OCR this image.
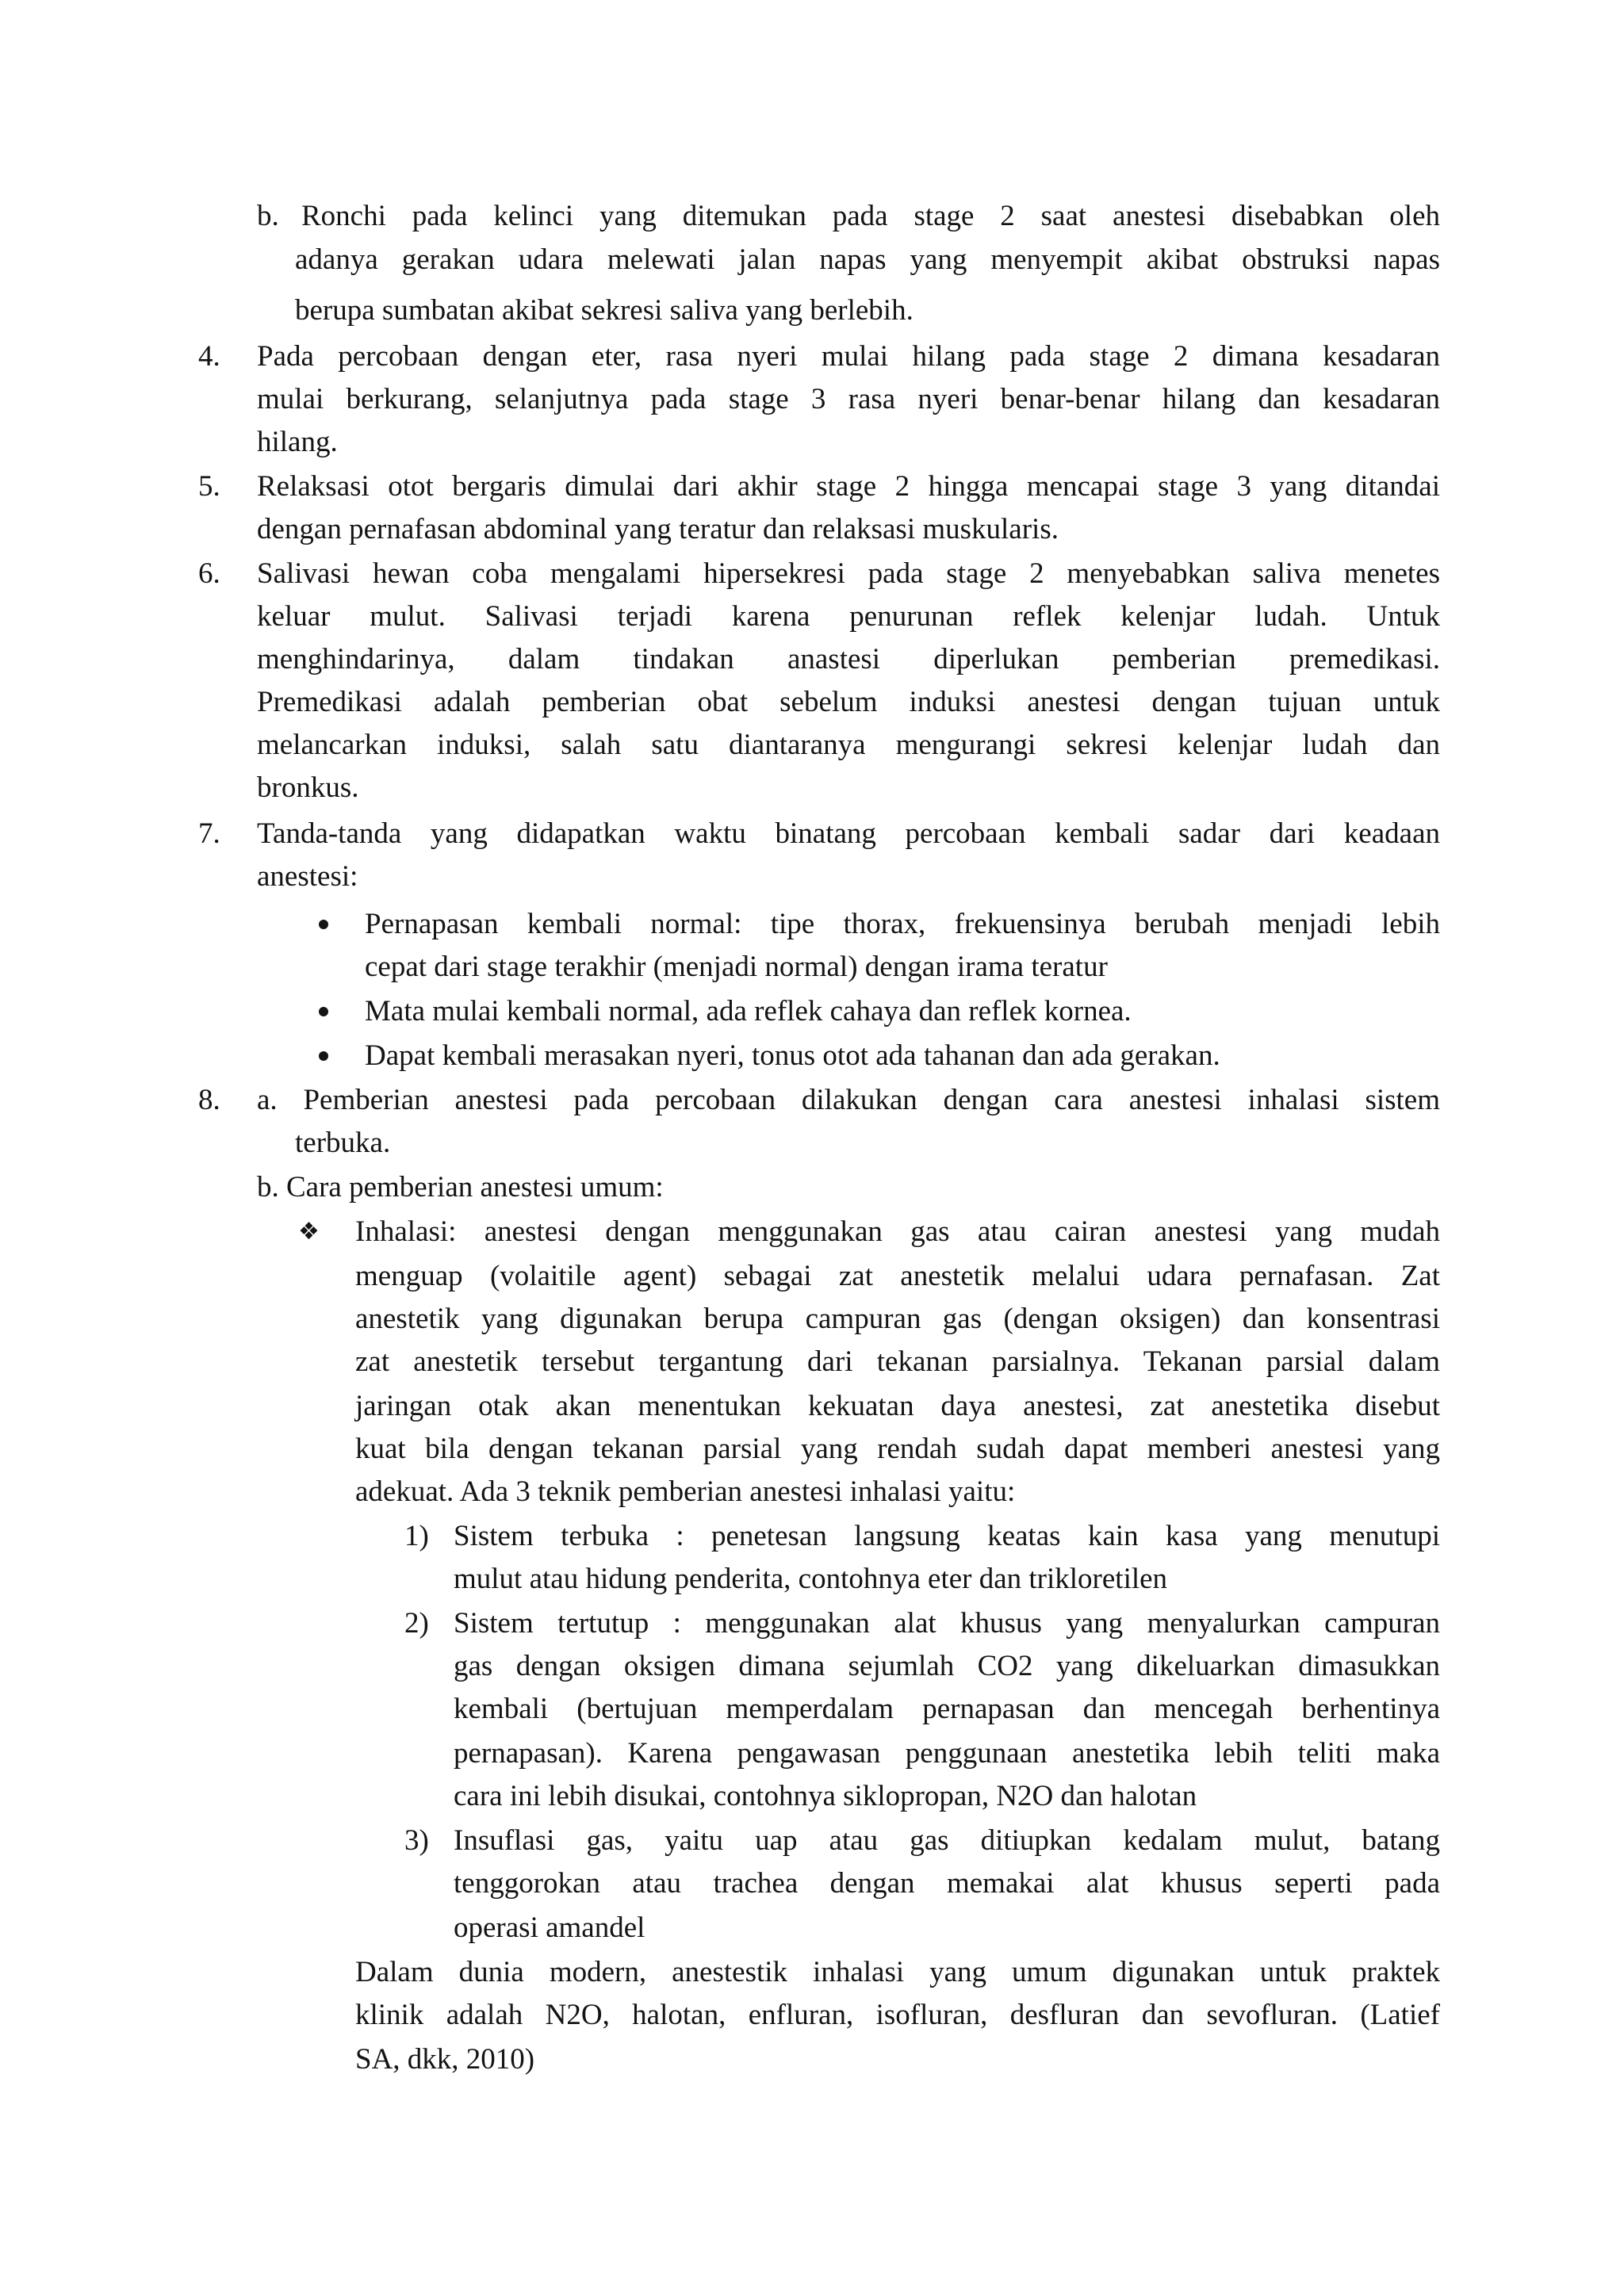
b. Ronchi pada kelinci yang ditemukan pada stage 2 saat anestesi disebabkan oleh
adanya gerakan udara melewati jalan napas yang menyempit akibat obstruksi napas
berupa sumbatan akibat sekresi saliva yang berlebih.
4. Pada percobaan dengan eter, rasa nyeri mulai hilang pada stage 2 dimana kesadaran
mulai berkurang, selanjutnya pada stage 3 rasa nyeri benar-benar hilang dan kesadaran
hilang.
5. Relaksasi otot bergaris dimulai dari akhir stage 2 hingga mencapai stage 3 yang ditandai
dengan pernafasan abdominal yang teratur dan relaksasi muskularis.
6. Salivasi hewan coba mengalami hipersekresi pada stage 2 menyebabkan saliva menetes
keluar mulut. Salivasi terjadi karena penurunan reflek kelenjar ludah. Untuk
menghindarinya, dalam tindakan anastesi diperlukan pemberian premedikasi.
Premedikasi adalah pemberian obat sebelum induksi anestesi dengan tujuan untuk
melancarkan induksi, salah satu diantaranya mengurangi sekresi kelenjar ludah dan
bronkus.
7. Tanda-tanda yang didapatkan waktu binatang percobaan kembali sadar dari keadaan
anestesi:
Pernapasan kembali normal: tipe thorax, frekuensinya berubah menjadi lebih
cepat dari stage terakhir (menjadi normal) dengan irama teratur
Mata mulai kembali normal, ada reflek cahaya dan reflek kornea.
Dapat kembali merasakan nyeri, tonus otot ada tahanan dan ada gerakan.
8. a. Pemberian anestesi pada percobaan dilakukan dengan cara anestesi inhalasi sistem
terbuka.
b. Cara pemberian anestesi umum:
❖ Inhalasi: anestesi dengan menggunakan gas atau cairan anestesi yang mudah
menguap (volaitile agent) sebagai zat anestetik melalui udara pernafasan. Zat
anestetik yang digunakan berupa campuran gas (dengan oksigen) dan konsentrasi
zat anestetik tersebut tergantung dari tekanan parsialnya. Tekanan parsial dalam
jaringan otak akan menentukan kekuatan daya anestesi, zat anestetika disebut
kuat bila dengan tekanan parsial yang rendah sudah dapat memberi anestesi yang
adekuat. Ada 3 teknik pemberian anestesi inhalasi yaitu:
1) Sistem terbuka : penetesan langsung keatas kain kasa yang menutupi
mulut atau hidung penderita, contohnya eter dan trikloretilen
2) Sistem tertutup : menggunakan alat khusus yang menyalurkan campuran
gas dengan oksigen dimana sejumlah CO2 yang dikeluarkan dimasukkan
kembali (bertujuan memperdalam pernapasan dan mencegah berhentinya
pernapasan). Karena pengawasan penggunaan anestetika lebih teliti maka
cara ini lebih disukai, contohnya siklopropan, N2O dan halotan
3) Insuflasi gas, yaitu uap atau gas ditiupkan kedalam mulut, batang
tenggorokan atau trachea dengan memakai alat khusus seperti pada
operasi amandel
Dalam dunia modern, anestestik inhalasi yang umum digunakan untuk praktek
klinik adalah N2O, halotan, enfluran, isofluran, desfluran dan sevofluran. (Latief
SA, dkk, 2010)
